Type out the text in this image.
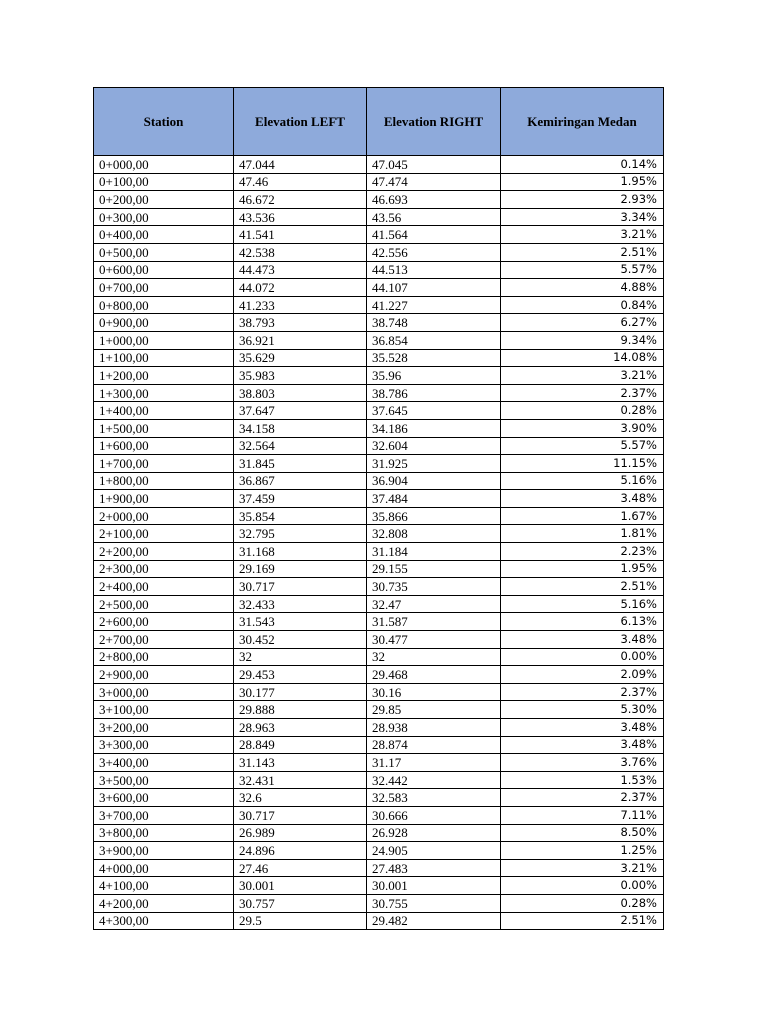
Station	Elevation LEFT	Elevation RIGHT	Kemiringan Medan
0+000,00	47.044	47.045	0.14%
0+100,00	47.46	47.474	1.95%
0+200,00	46.672	46.693	2.93%
0+300,00	43.536	43.56	3.34%
0+400,00	41.541	41.564	3.21%
0+500,00	42.538	42.556	2.51%
0+600,00	44.473	44.513	5.57%
0+700,00	44.072	44.107	4.88%
0+800,00	41.233	41.227	0.84%
0+900,00	38.793	38.748	6.27%
1+000,00	36.921	36.854	9.34%
1+100,00	35.629	35.528	14.08%
1+200,00	35.983	35.96	3.21%
1+300,00	38.803	38.786	2.37%
1+400,00	37.647	37.645	0.28%
1+500,00	34.158	34.186	3.90%
1+600,00	32.564	32.604	5.57%
1+700,00	31.845	31.925	11.15%
1+800,00	36.867	36.904	5.16%
1+900,00	37.459	37.484	3.48%
2+000,00	35.854	35.866	1.67%
2+100,00	32.795	32.808	1.81%
2+200,00	31.168	31.184	2.23%
2+300,00	29.169	29.155	1.95%
2+400,00	30.717	30.735	2.51%
2+500,00	32.433	32.47	5.16%
2+600,00	31.543	31.587	6.13%
2+700,00	30.452	30.477	3.48%
2+800,00	32	32	0.00%
2+900,00	29.453	29.468	2.09%
3+000,00	30.177	30.16	2.37%
3+100,00	29.888	29.85	5.30%
3+200,00	28.963	28.938	3.48%
3+300,00	28.849	28.874	3.48%
3+400,00	31.143	31.17	3.76%
3+500,00	32.431	32.442	1.53%
3+600,00	32.6	32.583	2.37%
3+700,00	30.717	30.666	7.11%
3+800,00	26.989	26.928	8.50%
3+900,00	24.896	24.905	1.25%
4+000,00	27.46	27.483	3.21%
4+100,00	30.001	30.001	0.00%
4+200,00	30.757	30.755	0.28%
4+300,00	29.5	29.482	2.51%
